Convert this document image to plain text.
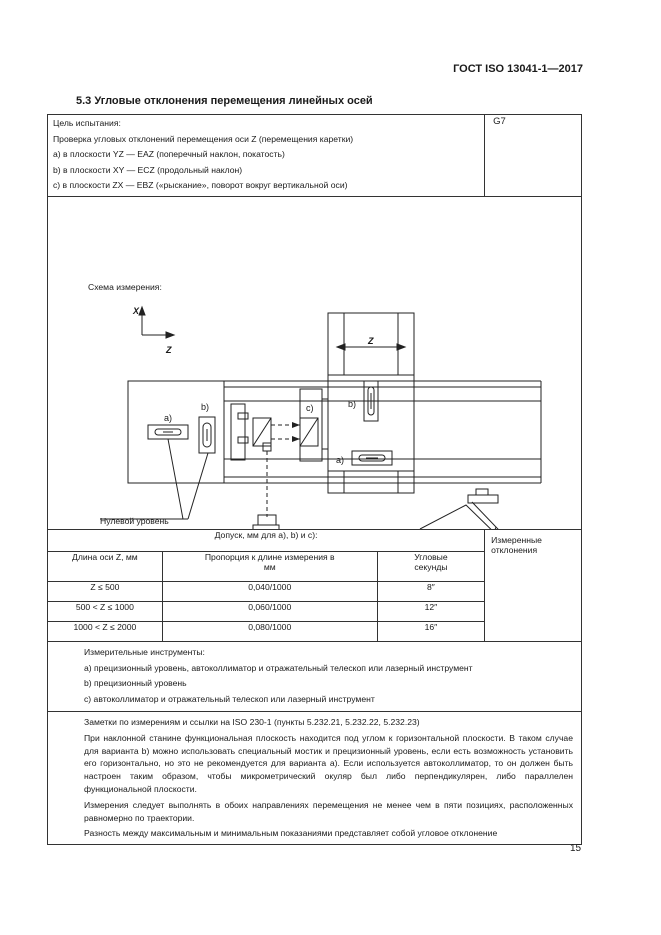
ГОСТ ISO 13041-1—2017
5.3 Угловые отклонения перемещения линейных осей

Цель испытания:

Проверка угловых отклонений перемещения оси Z (перемещения каретки)

a) в плоскости YZ — EAZ (поперечный наклон, покатость)

b) в плоскости XY — ECZ (продольный наклон)

c) в плоскости ZX — EBZ («рыскание», поворот вокруг вертикальной оси)

	G7

Схема измерения:
X
Z
Z
a)
b)	c)
a)
b)
Нулевой уровень

Допуск, мм для a), b) и c):
Длина оси Z, мм	Пропорция к длине измерения в мм	Угловые секунды
Z ≤ 500	0,040/1000	8″
500 < Z ≤ 1000	0,060/1000	12″
1000 < Z ≤ 2000	0,080/1000	16″
	Измеренные отклонения

Измерительные инструменты:

a) прецизионный уровень, автоколлиматор и отражательный телескоп или лазерный инструмент

b) прецизионный уровень

c) автоколлиматор и отражательный телескоп или лазерный инструмент

Заметки по измерениям и ссылки на ISO 230-1 (пункты 5.232.21, 5.232.22, 5.232.23)

При наклонной станине функциональная плоскость находится под углом к горизонтальной плоскости. В таком случае для варианта b) можно использовать специальный мостик и прецизионный уровень, если есть возможность установить его горизонтально, но это не рекомендуется для варианта a). Если используется автоколлиматор, то он должен быть настроен таким образом, чтобы микрометрический окуляр был либо перпендикулярен, либо параллелен функциональной плоскости.

Измерения следует выполнять в обоих направлениях перемещения не менее чем в пяти позициях, расположенных равномерно по траектории.

Разность между максимальным и минимальным показаниями представляет собой угловое отклонение

15
